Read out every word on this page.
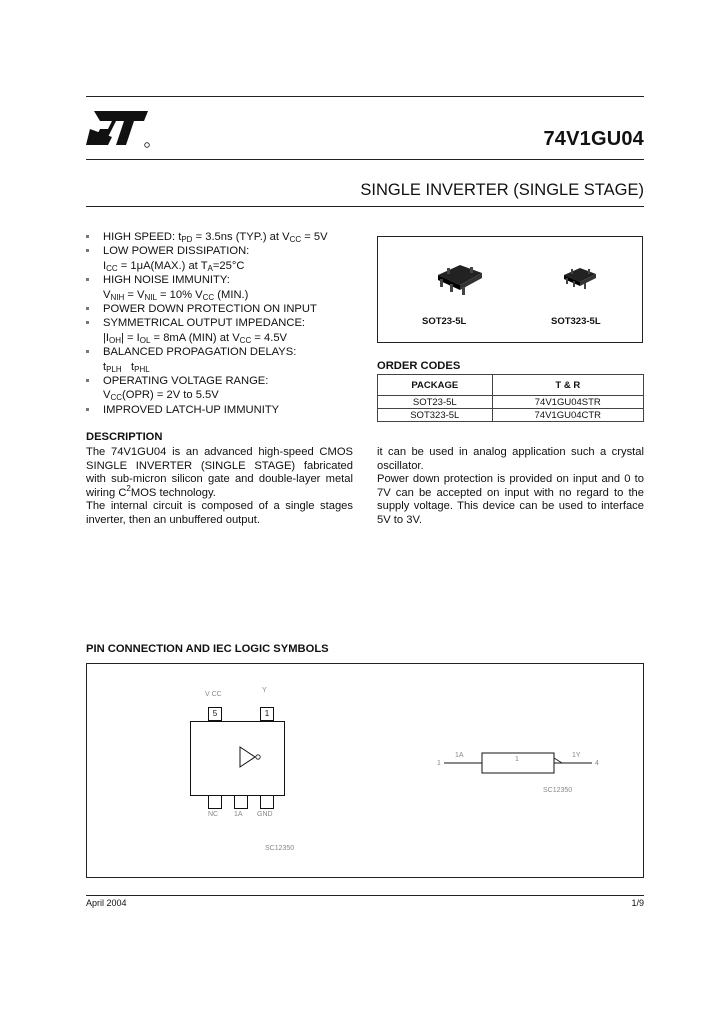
74V1GU04
SINGLE INVERTER (SINGLE STAGE)
HIGH SPEED: $t_{PD} = 3.5ns$ (TYP.) at $V_{CC} = 5V$
LOW POWER DISSIPATION:
$I_{CC} = 1\mu A(MAX.)$ at $T_A=25^\circ C$
HIGH NOISE IMMUNITY:
$V_{NIH} = V_{NIL} = 10\%$ $V_{CC}$ (MIN.)
POWER DOWN PROTECTION ON INPUT
SYMMETRICAL OUTPUT IMPEDANCE:
$|I_{OH}| = I_{OL} = 8mA$ (MIN) at $V_{CC} = 4.5V$
BALANCED PROPAGATION DELAYS:
$t_{PLH}$   $t_{PHL}$
OPERATING VOLTAGE RANGE:
$V_{CC}(OPR) = 2V$ to 5.5V
IMPROVED LATCH-UP IMMUNITY
SOT23-5L	SOT323-5L
ORDER CODES
PACKAGE	T & R
SOT23-5L	74V1GU04STR
SOT323-5L	74V1GU04CTR
DESCRIPTION
The 74V1GU04 is an advanced high-speed CMOS SINGLE INVERTER (SINGLE STAGE) fabricated with sub-micron silicon gate and double-layer metal wiring $C^2MOS$ technology.
The internal circuit is composed of a single stages inverter, then an unbuffered output.
it can be used in analog application such a crystal oscillator.
Power down protection is provided on input and 0 to 7V can be accepted on input with no regard to the supply voltage. This device can be used to interface 5V to 3V.
PIN CONNECTION AND IEC LOGIC SYMBOLS
V CC
Y
5	1
NC 1A GND
SC12350
1
1A
1
1Y
4
SC12350
April 2004	1/9
